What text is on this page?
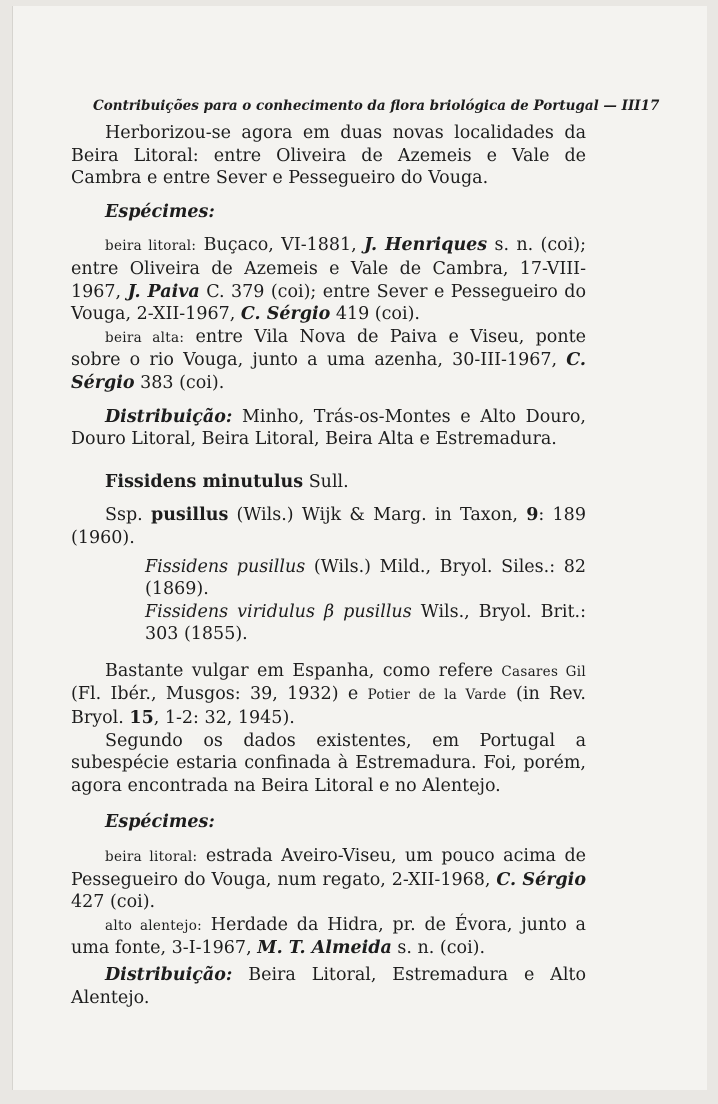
Contribuições para o conhecimento da flora briológica de Portugal — III 17

Herborizou-se agora em duas novas localidades da Beira Litoral: entre Oliveira de Azemeis e Vale de Cambra e entre Sever e Pessegueiro do Vouga.

Espécimes:

beira litoral: Buçaco, VI-1881, J. Henriques s. n. (coi); entre Oliveira de Azemeis e Vale de Cambra, 17-VIII-1967, J. Paiva C. 379 (coi); entre Sever e Pessegueiro do Vouga, 2-XII-1967, C. Sérgio 419 (coi).

beira alta: entre Vila Nova de Paiva e Viseu, ponte sobre o rio Vouga, junto a uma azenha, 30-III-1967, C. Sérgio 383 (coi).

Distribuição: Minho, Trás-os-Montes e Alto Douro, Douro Litoral, Beira Litoral, Beira Alta e Estremadura.

Fissidens minutulus Sull.

Ssp. pusillus (Wils.) Wijk & Marg. in Taxon, 9: 189 (1960).

Fissidens pusillus (Wils.) Mild., Bryol. Siles.: 82 (1869).

Fissidens viridulus β pusillus Wils., Bryol. Brit.: 303 (1855).

Bastante vulgar em Espanha, como refere Casares Gil (Fl. Ibér., Musgos: 39, 1932) e Potier de la Varde (in Rev. Bryol. 15, 1-2: 32, 1945).

Segundo os dados existentes, em Portugal a subespécie estaria confinada à Estremadura. Foi, porém, agora encontrada na Beira Litoral e no Alentejo.

Espécimes:

beira litoral: estrada Aveiro-Viseu, um pouco acima de Pessegueiro do Vouga, num regato, 2-XII-1968, C. Sérgio 427 (coi).

alto alentejo: Herdade da Hidra, pr. de Évora, junto a uma fonte, 3-I-1967, M. T. Almeida s. n. (coi).

Distribuição: Beira Litoral, Estremadura e Alto Alentejo.
